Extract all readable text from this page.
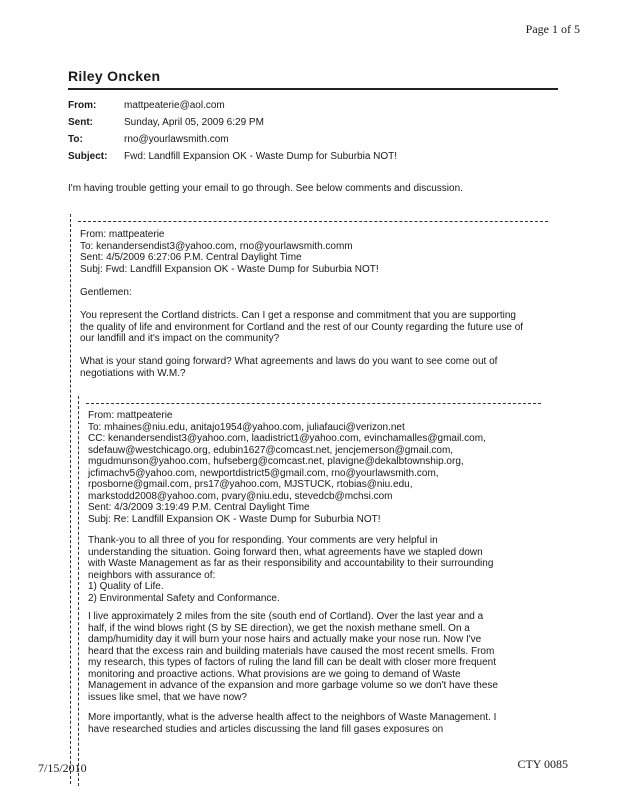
Page 1 of 5
Riley Oncken
From:	mattpeaterie@aol.com
Sent:	Sunday, April 05, 2009 6:29 PM
To:	rno@yourlawsmith.com
Subject: Fwd: Landfill Expansion OK - Waste Dump for Suburbia NOT!
I'm having trouble getting your email to go through. See below comments and discussion.
From: mattpeaterie
To: kenandersendist3@yahoo.com, rno@yourlawsmith.comm
Sent: 4/5/2009 6:27:06 P.M. Central Daylight Time
Subj: Fwd: Landfill Expansion OK - Waste Dump for Suburbia NOT!
Gentlemen:
You represent the Cortland districts. Can I get a response and commitment that you are supporting
the quality of life and environment for Cortland and the rest of our County regarding the future use of
our landfill and it's impact on the community?
What is your stand going forward? What agreements and laws do you want to see come out of
negotiations with W.M.?
From: mattpeaterie
To: mhaines@niu.edu, anitajo1954@yahoo.com, juliafauci@verizon.net
CC: kenandersendist3@yahoo.com, laadistrict1@yahoo.com, evinchamalles@gmail.com,
sdefauw@westchicago.org, edubin1627@comcast.net, jencjemerson@gmail.com,
mgudmunson@yahoo.com, hufseberg@comcast.net, plavigne@dekalbtownship.org,
jcfimachv5@yahoo.com, newportdistrict5@gmail.com, rno@yourlawsmith.com,
rposborne@gmail.com, prs17@yahoo.com, MJSTUCK, rtobias@niu.edu,
markstodd2008@yahoo.com, pvary@niu.edu, stevedcb@mchsi.com
Sent: 4/3/2009 3:19:49 P.M. Central Daylight Time
Subj: Re: Landfill Expansion OK - Waste Dump for Suburbia NOT!
Thank-you to all three of you for responding. Your comments are very helpful in
understanding the situation. Going forward then, what agreements have we stapled down
with Waste Management as far as their responsibility and accountability to their surrounding
neighbors with assurance of:
1) Quality of Life.
2) Environmental Safety and Conformance.
I live approximately 2 miles from the site (south end of Cortland). Over the last year and a
half, if the wind blows right (S by SE direction), we get the noxish methane smell. On a
damp/humidity day it will burn your nose hairs and actually make your nose run. Now I've
heard that the excess rain and building materials have caused the most recent smells. From
my research, this types of factors of ruling the land fill can be dealt with closer more frequent
monitoring and proactive actions. What provisions are we going to demand of Waste
Management in advance of the expansion and more garbage volume so we don't have these
issues like smel, that we have now?
More importantly, what is the adverse health affect to the neighbors of Waste Management. I
have researched studies and articles discussing the land fill gases exposures on
7/15/2010	CTY 0085
